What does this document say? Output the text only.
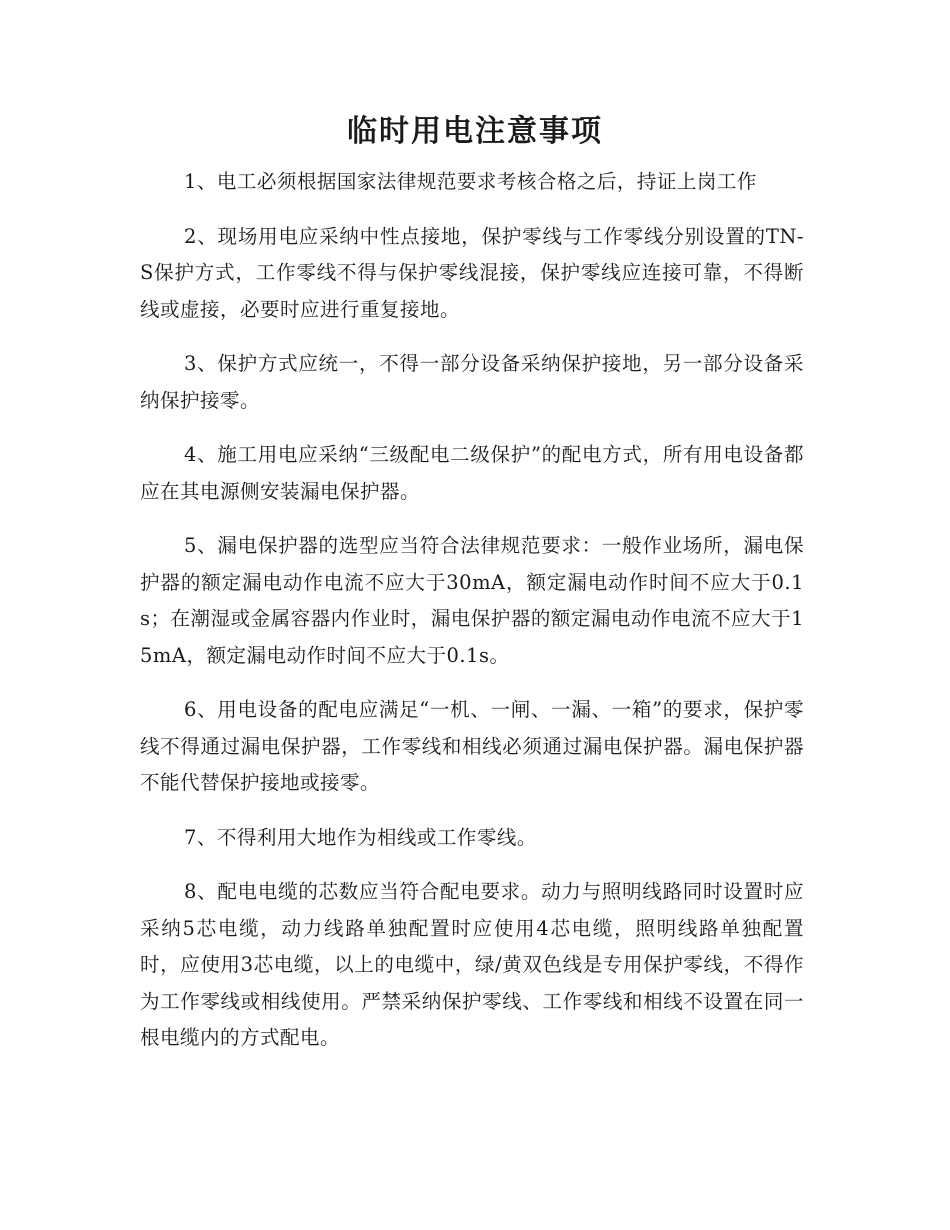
临时用电注意事项

1、电工必须根据国家法律规范要求考核合格之后，持证上岗工作

2、现场用电应采纳中性点接地，保护零线与工作零线分别设置的TN-S保护方式，工作零线不得与保护零线混接，保护零线应连接可靠，不得断线或虚接，必要时应进行重复接地。

3、保护方式应统一，不得一部分设备采纳保护接地，另一部分设备采纳保护接零。

4、施工用电应采纳“三级配电二级保护”的配电方式，所有用电设备都应在其电源侧安装漏电保护器。

5、漏电保护器的选型应当符合法律规范要求：一般作业场所，漏电保护器的额定漏电动作电流不应大于30mA，额定漏电动作时间不应大于0.1s；在潮湿或金属容器内作业时，漏电保护器的额定漏电动作电流不应大于15mA，额定漏电动作时间不应大于0.1s。

6、用电设备的配电应满足“一机、一闸、一漏、一箱”的要求，保护零线不得通过漏电保护器，工作零线和相线必须通过漏电保护器。漏电保护器不能代替保护接地或接零。

7、不得利用大地作为相线或工作零线。

8、配电电缆的芯数应当符合配电要求。动力与照明线路同时设置时应采纳5芯电缆，动力线路单独配置时应使用4芯电缆，照明线路单独配置时，应使用3芯电缆，以上的电缆中，绿/黄双色线是专用保护零线，不得作为工作零线或相线使用。严禁采纳保护零线、工作零线和相线不设置在同一根电缆内的方式配电。
